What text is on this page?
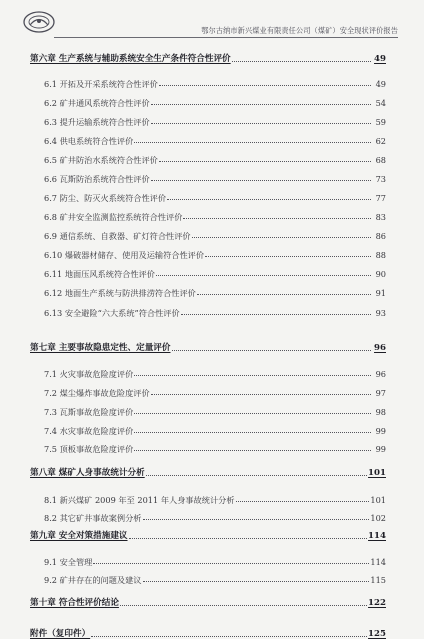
鄂尔古纳市新兴煤业有限责任公司（煤矿）安全现状评价报告
第六章 生产系统与辅助系统安全生产条件符合性评价	49
6.1 开拓及开采系统符合性评价	49
6.2 矿井通风系统符合性评价	54
6.3 提升运输系统符合性评价	59
6.4 供电系统符合性评价	62
6.5 矿井防治水系统符合性评价	68
6.6 瓦斯防治系统符合性评价	73
6.7 防尘、防灭火系统符合性评价	77
6.8 矿井安全监测监控系统符合性评价	83
6.9 通信系统、自救器、矿灯符合性评价	86
6.10 爆破器材储存、使用及运输符合性评价	88
6.11 地面压风系统符合性评价	90
6.12 地面生产系统与防洪排涝符合性评价	91
6.13 安全避险“六大系统”符合性评价	93
第七章 主要事故隐患定性、定量评价	96
7.1 火灾事故危险度评价	96
7.2 煤尘爆炸事故危险度评价	97
7.3 瓦斯事故危险度评价	98
7.4 水灾事故危险度评价	99
7.5 顶板事故危险度评价	99
第八章 煤矿人身事故统计分析	101
8.1 新兴煤矿 2009 年至 2011 年人身事故统计分析	101
8.2 其它矿井事故案例分析	102
第九章 安全对策措施建议	114
9.1 安全管理	114
9.2 矿井存在的问题及建议	115
第十章 符合性评价结论	122
附件（复印件）	125
